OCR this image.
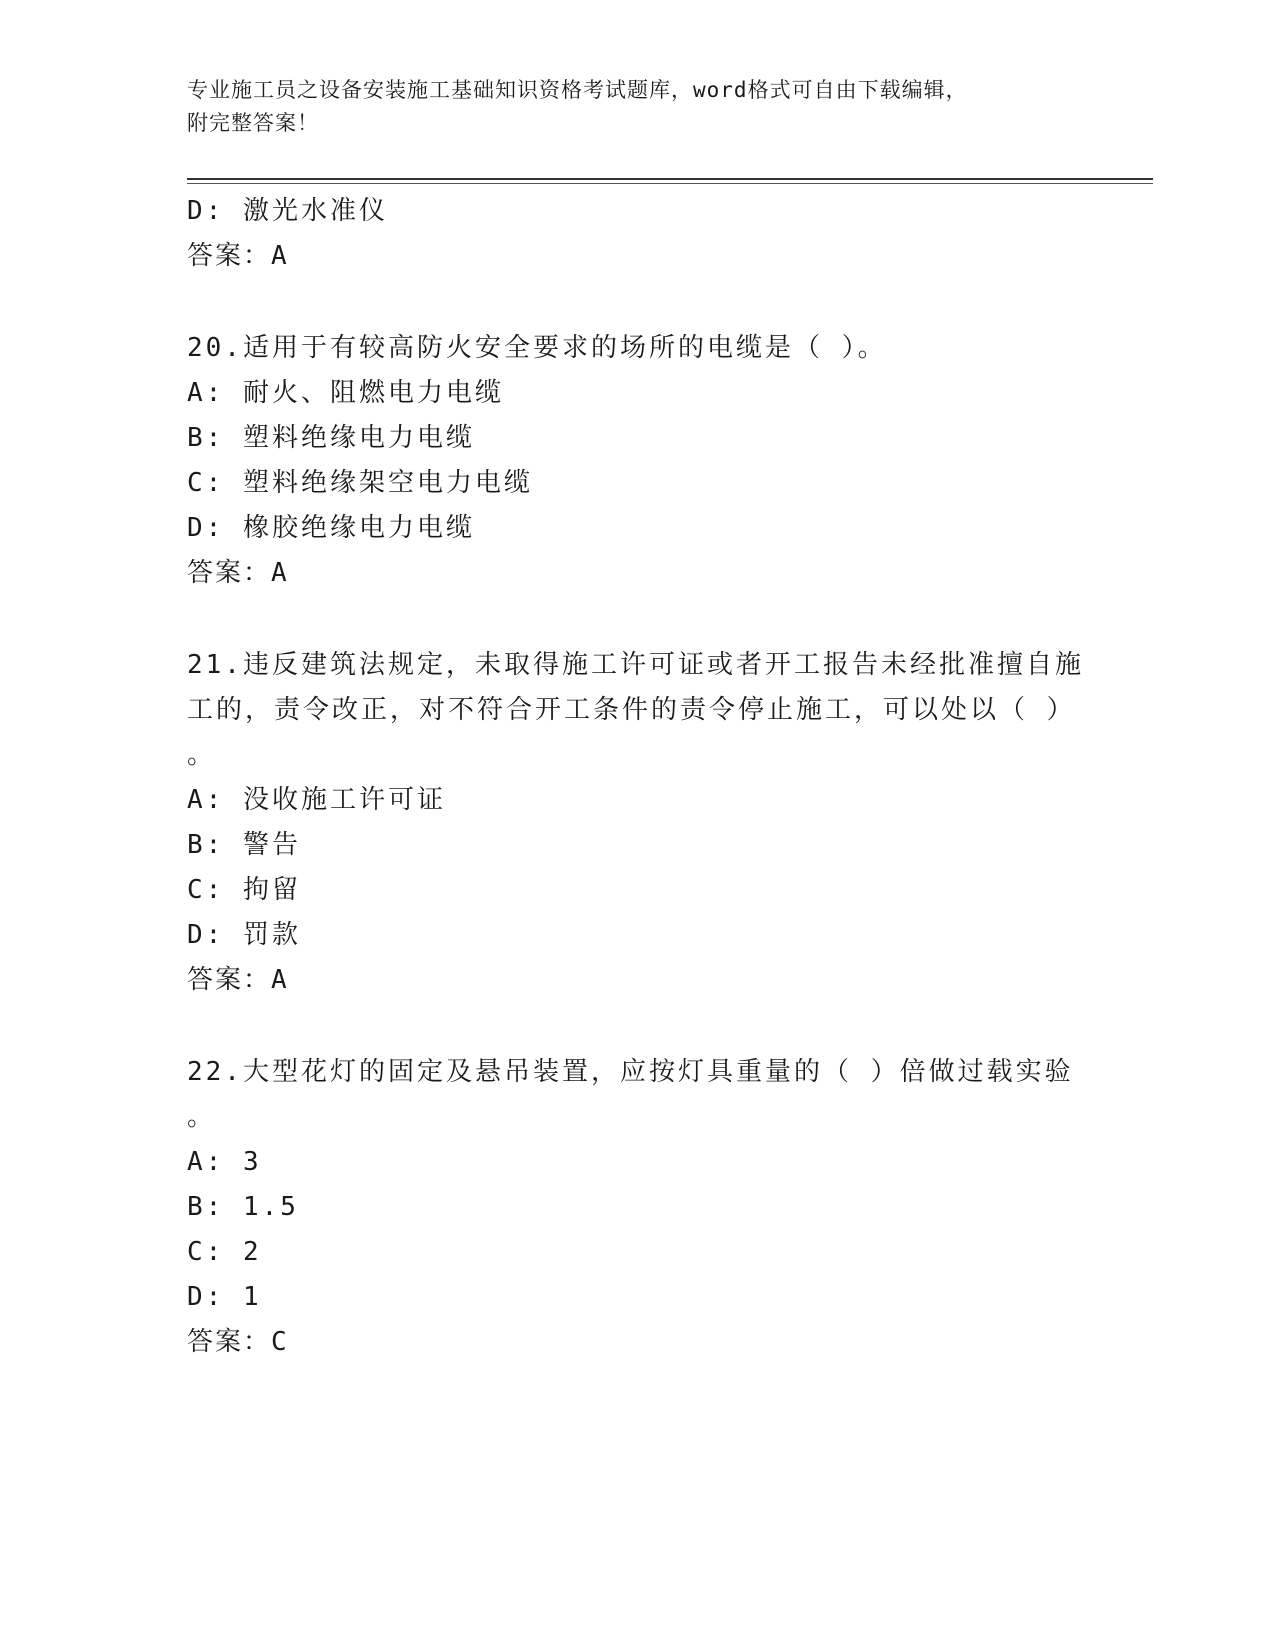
专业施工员之设备安装施工基础知识资格考试题库，word格式可自由下载编辑，
附完整答案！
D: 激光水准仪
答案：A
20.适用于有较高防火安全要求的场所的电缆是（ ）。
A: 耐火、阻燃电力电缆
B: 塑料绝缘电力电缆
C: 塑料绝缘架空电力电缆
D: 橡胶绝缘电力电缆
答案：A
21.违反建筑法规定，未取得施工许可证或者开工报告未经批准擅自施
工的，责令改正，对不符合开工条件的责令停止施工，可以处以（ ）
。
A: 没收施工许可证
B: 警告
C: 拘留
D: 罚款
答案：A
22.大型花灯的固定及悬吊装置，应按灯具重量的（ ）倍做过载实验
。
A: 3
B: 1.5
C: 2
D: 1
答案：C
